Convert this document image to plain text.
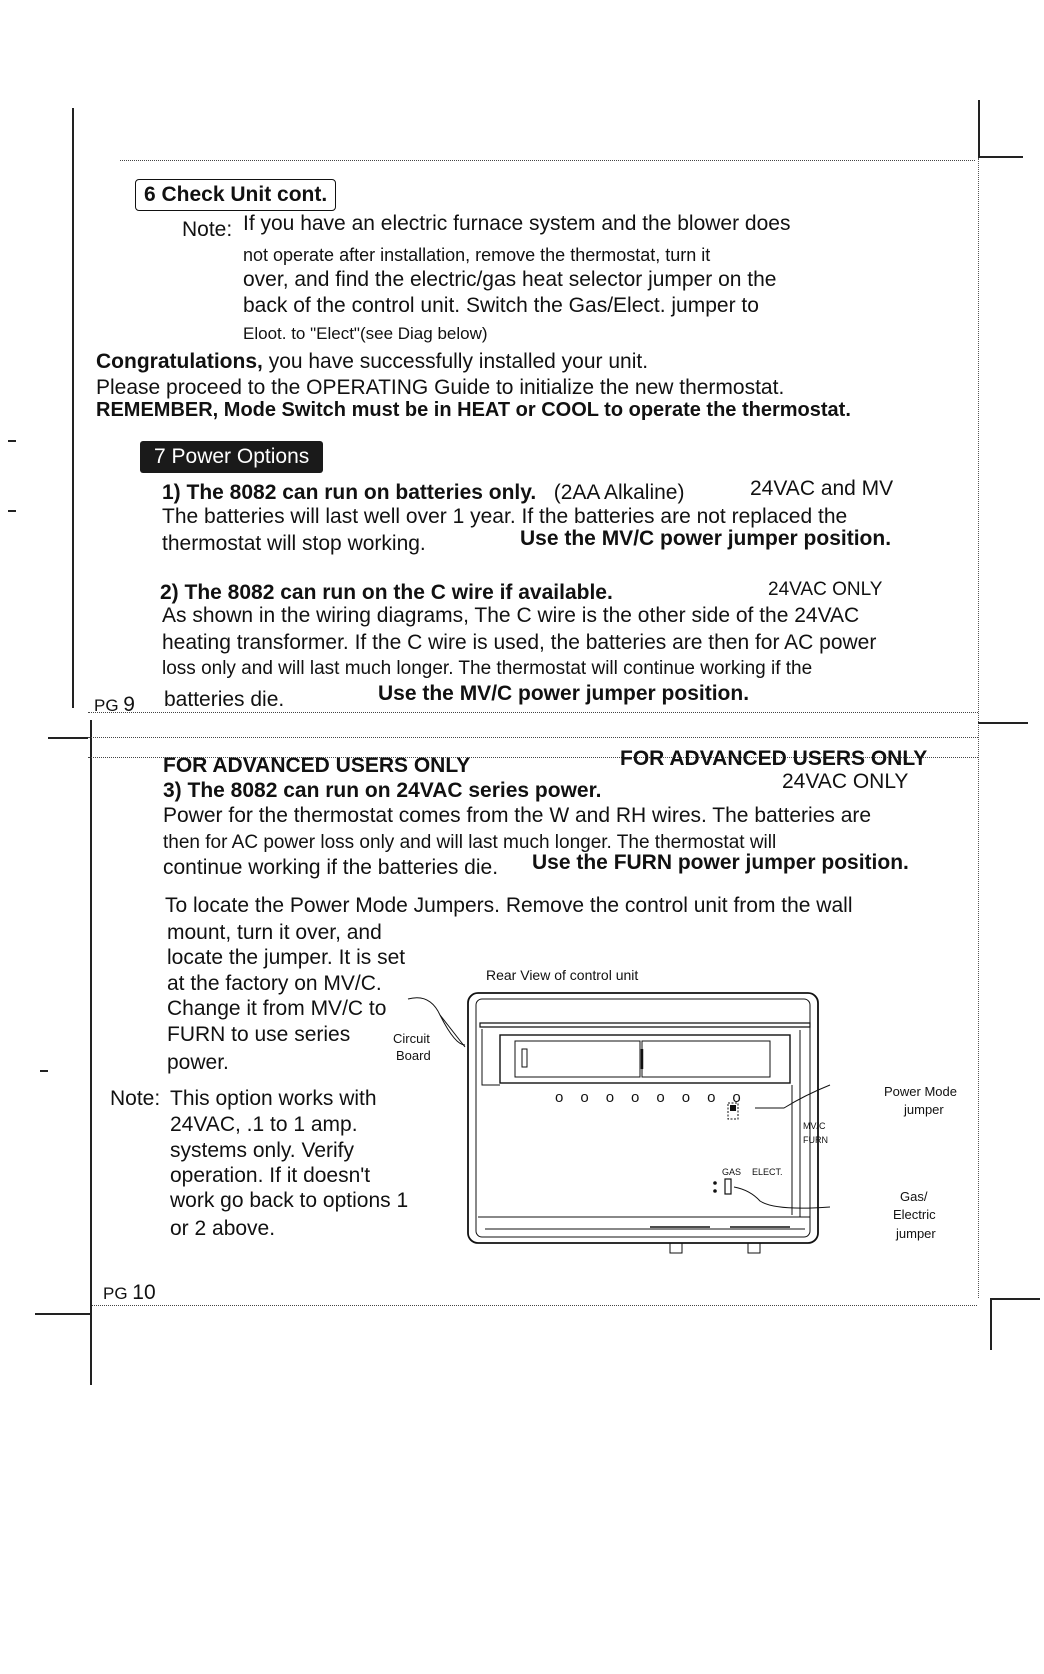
6 Check Unit cont.
Note: If you have an electric furnace system and the blower does
not operate after installation, remove the thermostat, turn it
over, and find the electric/gas heat selector jumper on the
back of the control unit. Switch the Gas/Elect. jumper to
Eloot. to "Elect"(see Diag below)
Congratulations, you have successfully installed your unit.
Please proceed to the OPERATING Guide to initialize the new thermostat.
REMEMBER, Mode Switch must be in HEAT or COOL to operate the thermostat.
7 Power Options
1) The 8082 can run on batteries only. (2AA Alkaline)	24VAC and MV
The batteries will last well over 1 year. If the batteries are not replaced the
thermostat will stop working.	Use the MV/C power jumper position.
2) The 8082 can run on the C wire if available.	24VAC ONLY
As shown in the wiring diagrams, The C wire is the other side of the 24VAC
heating transformer. If the C wire is used, the batteries are then for AC power
loss only and will last much longer. The thermostat will continue working if the
batteries die.	Use the MV/C power jumper position.
PG 9
FOR ADVANCED USERS ONLY	FOR ADVANCED USERS ONLY
3) The 8082 can run on 24VAC series power.	24VAC ONLY
Power for the thermostat comes from the W and RH wires. The batteries are
then for AC power loss only and will last much longer. The thermostat will
continue working if the batteries die. Use the FURN power jumper position.
To locate the Power Mode Jumpers. Remove the control unit from the wall
mount, turn it over, and
locate the jumper. It is set
at the factory on MV/C.
Change it from MV/C to
FURN to use series
power.
Note: This option works with
24VAC, .1 to 1 amp.
systems only. Verify
operation. If it doesn't
work go back to options 1
or 2 above.
Rear View of control unit
oooooooo
Circuit
Board
MV/C
FURN
GAS ELECT.
Power Mode
jumper
Gas/
Electric
jumper
PG 10
